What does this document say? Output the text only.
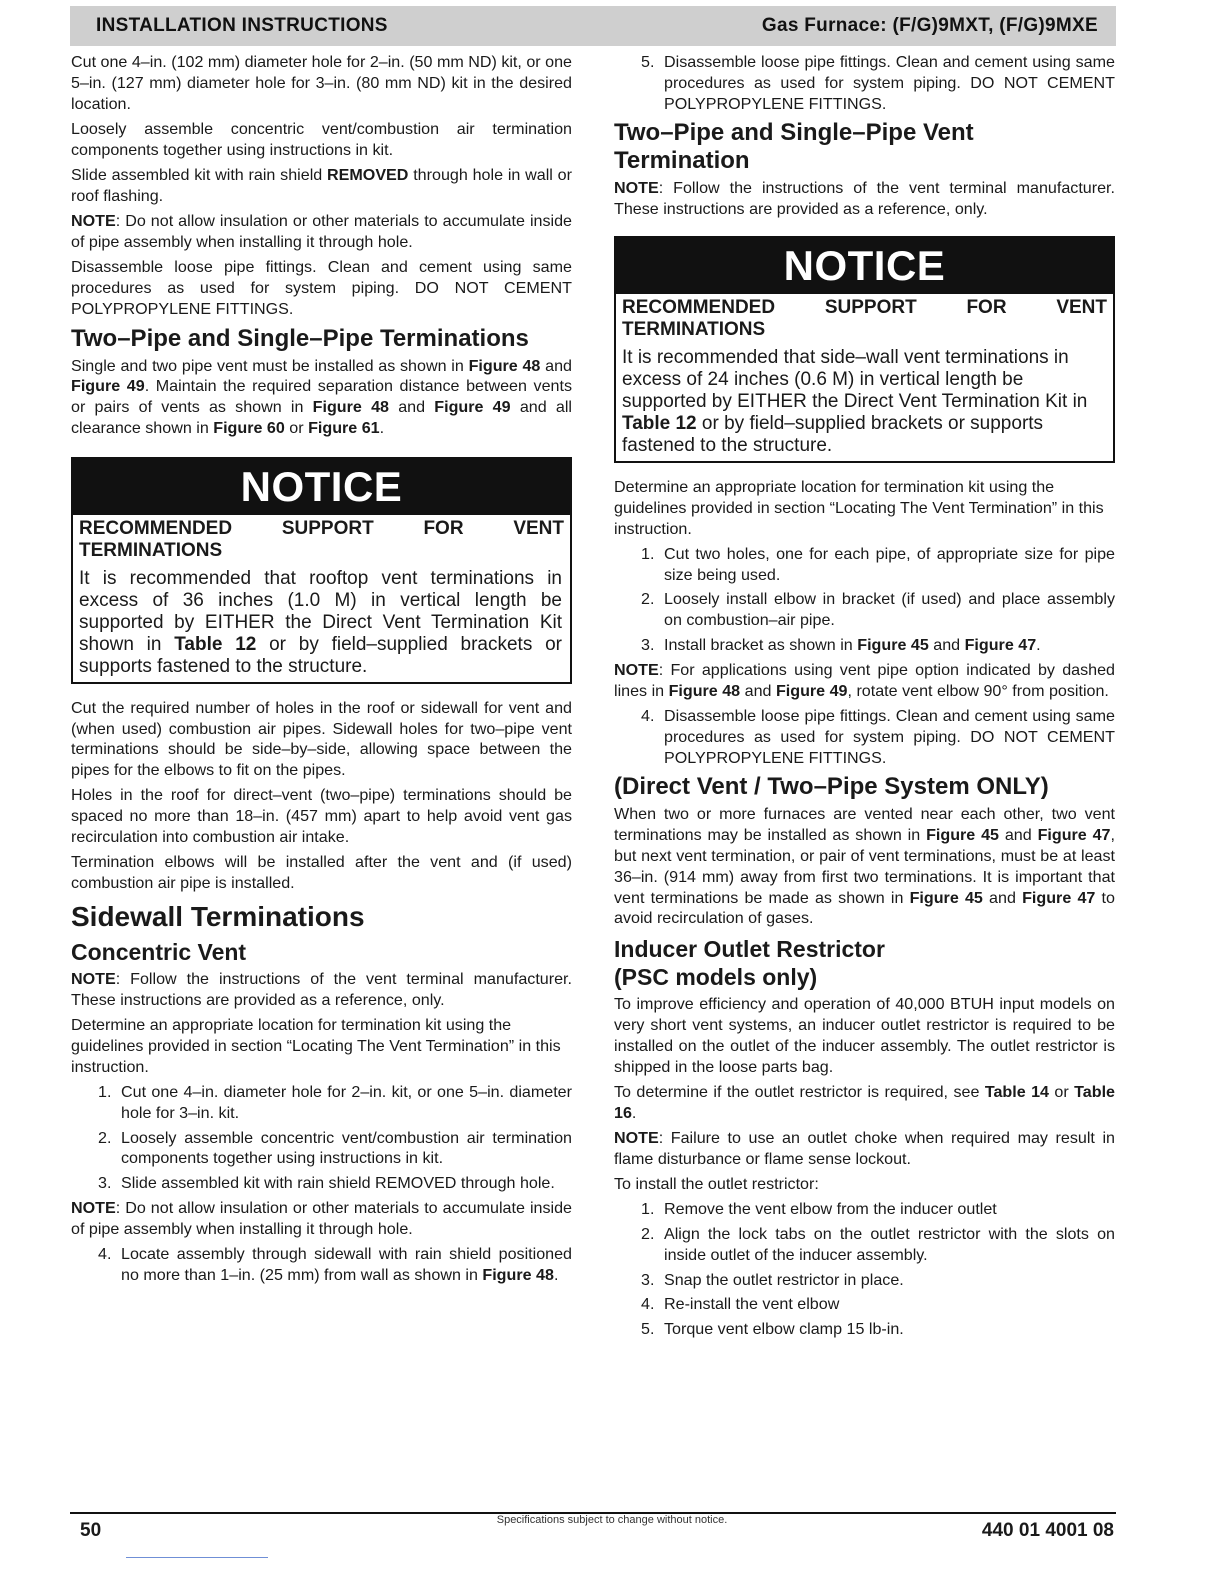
INSTALLATION INSTRUCTIONS	Gas Furnace: (F/G)9MXT, (F/G)9MXE

Cut one 4–in. (102 mm) diameter hole for 2–in. (50 mm ND) kit, or one 5–in. (127 mm) diameter hole for 3–in. (80 mm ND) kit in the desired location.

Loosely assemble concentric vent/combustion air termination components together using instructions in kit.

Slide assembled kit with rain shield REMOVED through hole in wall or roof flashing.

NOTE: Do not allow insulation or other materials to accumulate inside of pipe assembly when installing it through hole.

Disassemble loose pipe fittings. Clean and cement using same procedures as used for system piping. DO NOT CEMENT POLYPROPYLENE FITTINGS.

Two–Pipe and Single–Pipe Terminations

Single and two pipe vent must be installed as shown in Figure 48 and Figure 49. Maintain the required separation distance between vents or pairs of vents as shown in Figure 48 and Figure 49 and all clearance shown in Figure 60 or Figure 61.

NOTICE
RECOMMENDED SUPPORT FOR VENT
TERMINATIONS
It is recommended that rooftop vent terminations in excess of 36 inches (1.0 M) in vertical length be supported by EITHER the Direct Vent Termination Kit shown in Table 12 or by field–supplied brackets or supports fastened to the structure.

Cut the required number of holes in the roof or sidewall for vent and (when used) combustion air pipes. Sidewall holes for two–pipe vent terminations should be side–by–side, allowing space between the pipes for the elbows to fit on the pipes.

Holes in the roof for direct–vent (two–pipe) terminations should be spaced no more than 18–in. (457 mm) apart to help avoid vent gas recirculation into combustion air intake.

Termination elbows will be installed after the vent and (if used) combustion air pipe is installed.

Sidewall Terminations
Concentric Vent

NOTE: Follow the instructions of the vent terminal manufacturer. These instructions are provided as a reference, only.

Determine an appropriate location for termination kit using the guidelines provided in section “Locating The Vent Termination” in this instruction.

1. Cut one 4–in. diameter hole for 2–in. kit, or one 5–in. diameter hole for 3–in. kit.
2. Loosely assemble concentric vent/combustion air termination components together using instructions in kit.
3. Slide assembled kit with rain shield REMOVED through hole.

NOTE: Do not allow insulation or other materials to accumulate inside of pipe assembly when installing it through hole.

4. Locate assembly through sidewall with rain shield positioned no more than 1–in. (25 mm) from wall as shown in Figure 48.
5. Disassemble loose pipe fittings. Clean and cement using same procedures as used for system piping. DO NOT CEMENT POLYPROPYLENE FITTINGS.
Two–Pipe and Single–Pipe Vent Termination

NOTE: Follow the instructions of the vent terminal manufacturer. These instructions are provided as a reference, only.

NOTICE
RECOMMENDED SUPPORT FOR VENT
TERMINATIONS
It is recommended that side–wall vent terminations in excess of 24 inches (0.6 M) in vertical length be supported by EITHER the Direct Vent Termination Kit in Table 12 or by field–supplied brackets or supports fastened to the structure.

Determine an appropriate location for termination kit using the guidelines provided in section “Locating The Vent Termination” in this instruction.

1. Cut two holes, one for each pipe, of appropriate size for pipe size being used.
2. Loosely install elbow in bracket (if used) and place assembly on combustion–air pipe.
3. Install bracket as shown in Figure 45 and Figure 47.

NOTE: For applications using vent pipe option indicated by dashed lines in Figure 48 and Figure 49, rotate vent elbow 90° from position.

4. Disassemble loose pipe fittings. Clean and cement using same procedures as used for system piping. DO NOT CEMENT POLYPROPYLENE FITTINGS.
(Direct Vent / Two–Pipe System ONLY)

When two or more furnaces are vented near each other, two vent terminations may be installed as shown in Figure 45 and Figure 47, but next vent termination, or pair of vent terminations, must be at least 36–in. (914 mm) away from first two terminations. It is important that vent terminations be made as shown in Figure 45 and Figure 47 to avoid recirculation of gases.

Inducer Outlet Restrictor
(PSC models only)

To improve efficiency and operation of 40,000 BTUH input models on very short vent systems, an inducer outlet restrictor is required to be installed on the outlet of the inducer assembly. The outlet restrictor is shipped in the loose parts bag.

To determine if the outlet restrictor is required, see Table 14 or Table 16.

NOTE: Failure to use an outlet choke when required may result in flame disturbance or flame sense lockout.

To install the outlet restrictor:

1. Remove the vent elbow from the inducer outlet
2. Align the lock tabs on the outlet restrictor with the slots on inside outlet of the inducer assembly.
3. Snap the outlet restrictor in place.
4. Re-install the vent elbow
5. Torque vent elbow clamp 15 lb-in.
50	Specifications subject to change without notice.	440 01 4001 08
